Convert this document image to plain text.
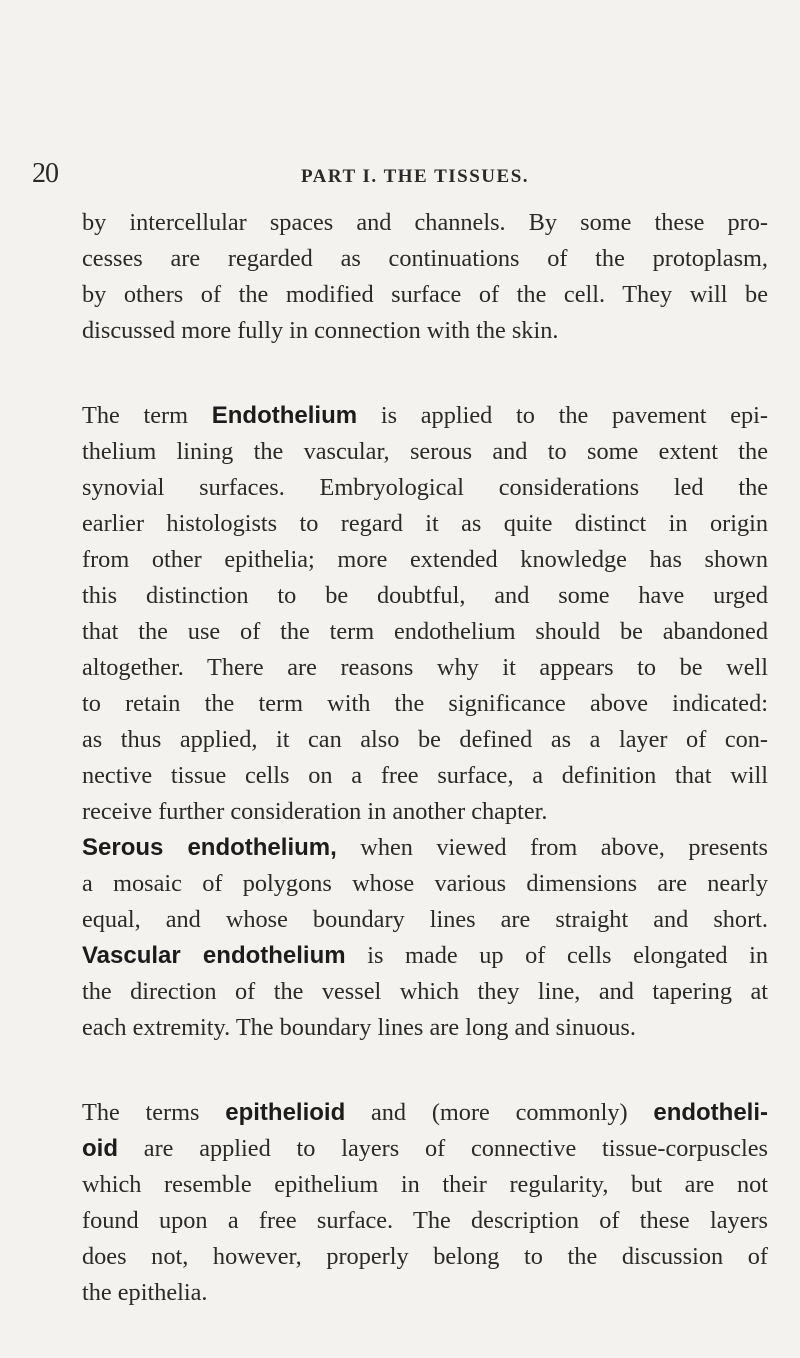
20	PART I. THE TISSUES.
by intercellular spaces and channels. By some these pro-
cesses are regarded as continuations of the protoplasm,
by others of the modified surface of the cell. They will be
discussed more fully in connection with the skin.
The term Endothelium is applied to the pavement epi-
thelium lining the vascular, serous and to some extent the
synovial surfaces. Embryological considerations led the
earlier histologists to regard it as quite distinct in origin
from other epithelia; more extended knowledge has shown
this distinction to be doubtful, and some have urged
that the use of the term endothelium should be abandoned
altogether. There are reasons why it appears to be well
to retain the term with the significance above indicated:
as thus applied, it can also be defined as a layer of con-
nective tissue cells on a free surface, a definition that will
receive further consideration in another chapter.
Serous endothelium, when viewed from above, presents
a mosaic of polygons whose various dimensions are nearly
equal, and whose boundary lines are straight and short.
Vascular endothelium is made up of cells elongated in
the direction of the vessel which they line, and tapering at
each extremity. The boundary lines are long and sinuous.
The terms epithelioid and (more commonly) endotheli-
oid are applied to layers of connective tissue-corpuscles
which resemble epithelium in their regularity, but are not
found upon a free surface. The description of these layers
does not, however, properly belong to the discussion of
the epithelia.
